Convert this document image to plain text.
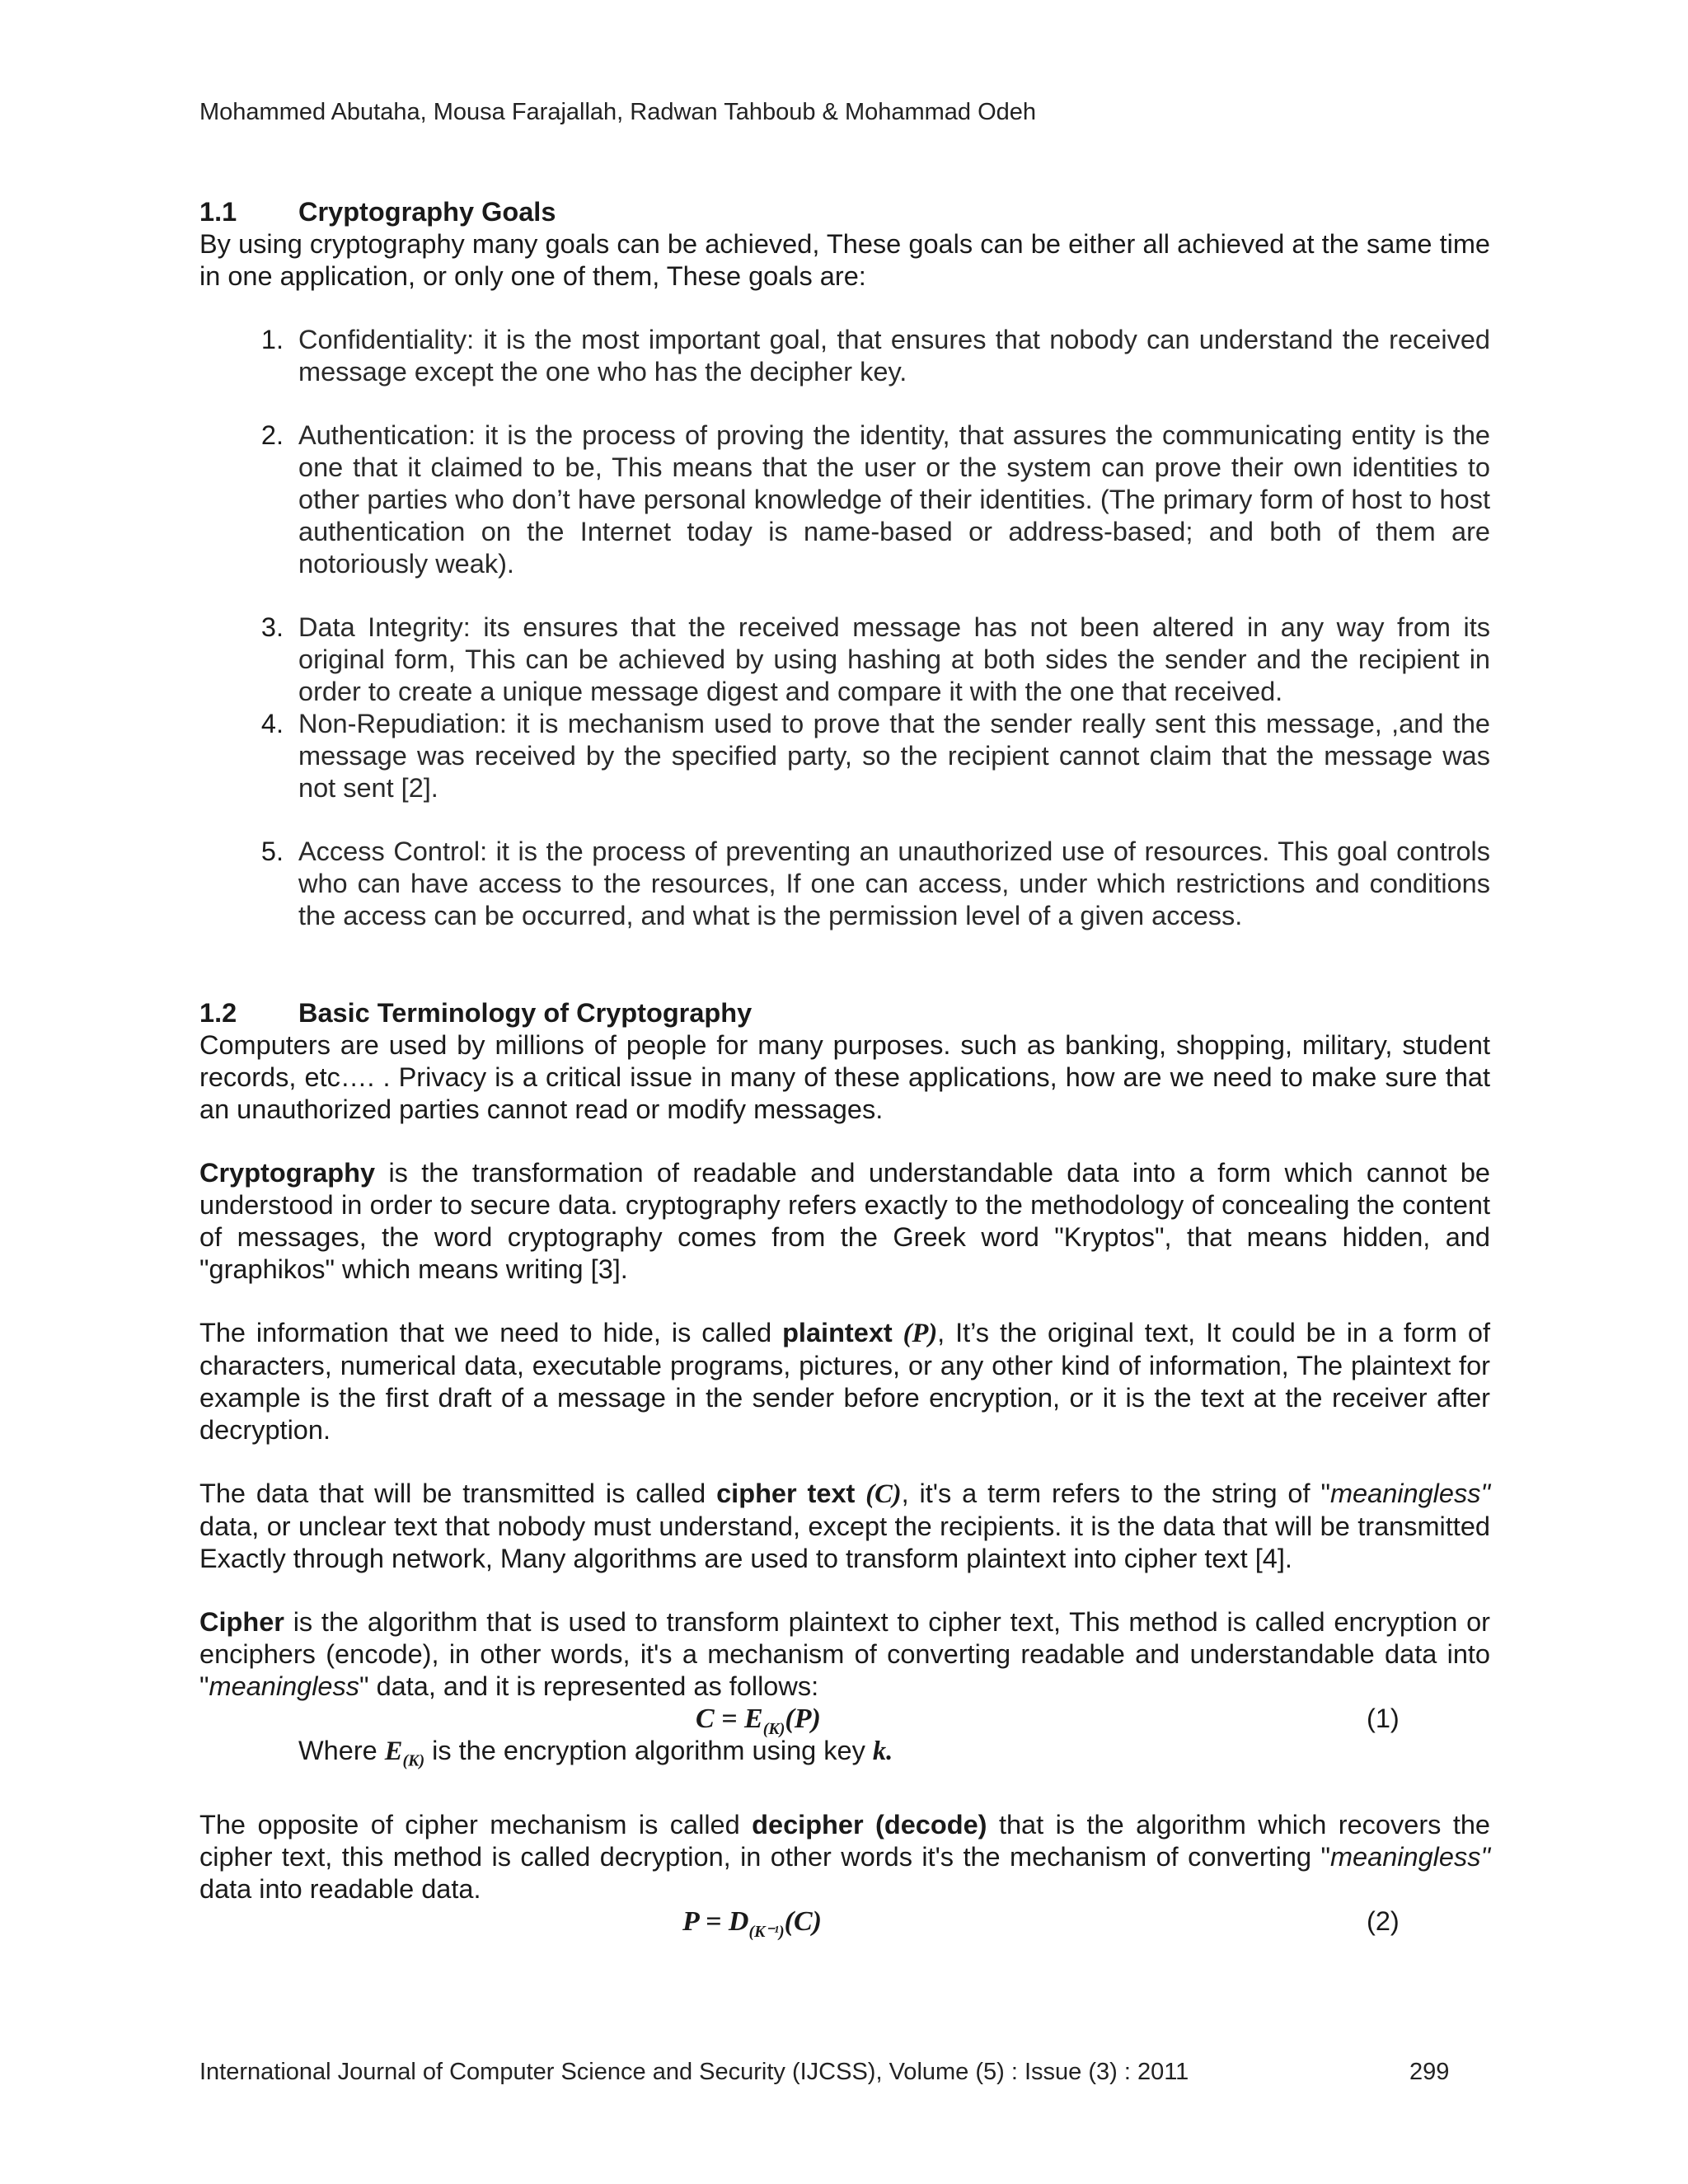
Mohammed Abutaha, Mousa Farajallah, Radwan Tahboub & Mohammad Odeh
1.1	Cryptography Goals

By using cryptography many goals can be achieved, These goals can be either all achieved at the same time in one application, or only one of them, These goals are:

1. Confidentiality: it is the most important goal, that ensures that nobody can understand the received message except the one who has the decipher key.
2. Authentication: it is the process of proving the identity, that assures the communicating entity is the one that it claimed to be, This means that the user or the system can prove their own identities to other parties who don’t have personal knowledge of their identities. (The primary form of host to host authentication on the Internet today is name-based or address-based; and both of them are notoriously weak).
3. Data Integrity: its ensures that the received message has not been altered in any way from its original form, This can be achieved by using hashing at both sides the sender and the recipient in order to create a unique message digest and compare it with the one that received.
4. Non-Repudiation: it is mechanism used to prove that the sender really sent this message, ,and the message was received by the specified party, so the recipient cannot claim that the message was not sent [2].
5. Access Control: it is the process of preventing an unauthorized use of resources. This goal controls who can have access to the resources, If one can access, under which restrictions and conditions the access can be occurred, and what is the permission level of a given access.
1.2	Basic Terminology of Cryptography

Computers are used by millions of people for many purposes. such as banking, shopping, military, student records, etc…. . Privacy is a critical issue in many of these applications, how are we need to make sure that an unauthorized parties cannot read or modify messages.

Cryptography is the transformation of readable and understandable data into a form which cannot be understood in order to secure data. cryptography refers exactly to the methodology of concealing the content of messages, the word cryptography comes from the Greek word "Kryptos", that means hidden, and "graphikos" which means writing [3].

The information that we need to hide, is called plaintext (P), It’s the original text, It could be in a form of characters, numerical data, executable programs, pictures, or any other kind of information, The plaintext for example is the first draft of a message in the sender before encryption, or it is the text at the receiver after decryption.

The data that will be transmitted is called cipher text (C), it's a term refers to the string of "meaningless" data, or unclear text that nobody must understand, except the recipients. it is the data that will be transmitted Exactly through network, Many algorithms are used to transform plaintext into cipher text [4].

Cipher is the algorithm that is used to transform plaintext to cipher text, This method is called encryption or enciphers (encode), in other words, it's a mechanism of converting readable and understandable data into "meaningless" data, and it is represented as follows:

$C = E_{(K)}(P)$	(1)

Where $E_{(K)}$ is the encryption algorithm using key k.

The opposite of cipher mechanism is called decipher (decode) that is the algorithm which recovers the cipher text, this method is called decryption, in other words it's the mechanism of converting "meaningless" data into readable data.

$P = D_{(K^{-1})}(C)$	(2)
International Journal of Computer Science and Security (IJCSS), Volume (5) : Issue (3) : 2011	299
